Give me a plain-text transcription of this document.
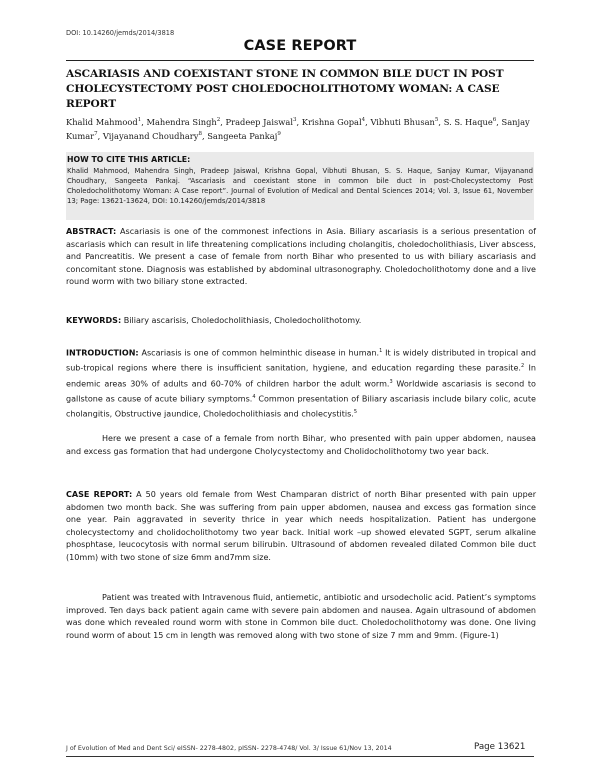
DOI: 10.14260/jemds/2014/3818
CASE REPORT
ASCARIASIS AND COEXISTANT STONE IN COMMON BILE DUCT IN POST CHOLECYSTECTOMY POST CHOLEDOCHOLITHOTOMY WOMAN: A CASE REPORT
Khalid Mahmood$^1$, Mahendra Singh$^2$, Pradeep Jaiswal$^3$, Krishna Gopal$^4$, Vibhuti Bhusan$^5$, S. S. Haque$^6$, Sanjay Kumar$^7$, Vijayanand Choudhary$^8$, Sangeeta Pankaj$^9$
HOW TO CITE THIS ARTICLE:
Khalid Mahmood, Mahendra Singh, Pradeep Jaiswal, Krishna Gopal, Vibhuti Bhusan, S. S. Haque, Sanjay Kumar, Vijayanand Choudhary, Sangeeta Pankaj. “Ascariasis and coexistant stone in common bile duct in post-Cholecystectomy Post Choledocholithotomy Woman: A Case report”. Journal of Evolution of Medical and Dental Sciences 2014; Vol. 3, Issue 61, November 13; Page: 13621-13624, DOI: 10.14260/jemds/2014/3818
ABSTRACT: Ascariasis is one of the commonest infections in Asia. Biliary ascariasis is a serious presentation of ascariasis which can result in life threatening complications including cholangitis, choledocholithiasis, Liver abscess, and Pancreatitis. We present a case of female from north Bihar who presented to us with biliary ascariasis and concomitant stone. Diagnosis was established by abdominal ultrasonography. Choledocholithotomy done and a live round worm with two biliary stone extracted.
KEYWORDS: Biliary ascarisis, Choledocholithiasis, Choledocholithotomy.
INTRODUCTION: Ascariasis is one of common helminthic disease in human.$^1$ It is widely distributed in tropical and sub-tropical regions where there is insufficient sanitation, hygiene, and education regarding these parasite.$^2$ In endemic areas 30% of adults and 60-70% of children harbor the adult worm.$^3$ Worldwide ascariasis is second to gallstone as cause of acute biliary symptoms.$^4$ Common presentation of Biliary ascariasis include bilary colic, acute cholangitis, Obstructive jaundice, Choledocholithiasis and cholecystitis.$^5$
Here we present a case of a female from north Bihar, who presented with pain upper abdomen, nausea and excess gas formation that had undergone Cholycystectomy and Cholidocholithotomy two year back.
CASE REPORT: A 50 years old female from West Champaran district of north Bihar presented with pain upper abdomen two month back. She was suffering from pain upper abdomen, nausea and excess gas formation since one year. Pain aggravated in severity thrice in year which needs hospitalization. Patient has undergone cholecystectomy and cholidocholithotomy two year back. Initial work –up showed elevated SGPT, serum alkaline phosphtase, leucocytosis with normal serum bilirubin. Ultrasound of abdomen revealed dilated Common bile duct (10mm) with two stone of size 6mm and7mm size.
Patient was treated with Intravenous fluid, antiemetic, antibiotic and ursodecholic acid. Patient’s symptoms improved. Ten days back patient again came with severe pain abdomen and nausea. Again ultrasound of abdomen was done which revealed round worm with stone in Common bile duct. Choledocholithotomy was done. One living round worm of about 15 cm in length was removed along with two stone of size 7 mm and 9mm. (Figure-1)
J of Evolution of Med and Dent Sci/ eISSN- 2278-4802, pISSN- 2278-4748/ Vol. 3/ Issue 61/Nov 13, 2014	Page 13621
